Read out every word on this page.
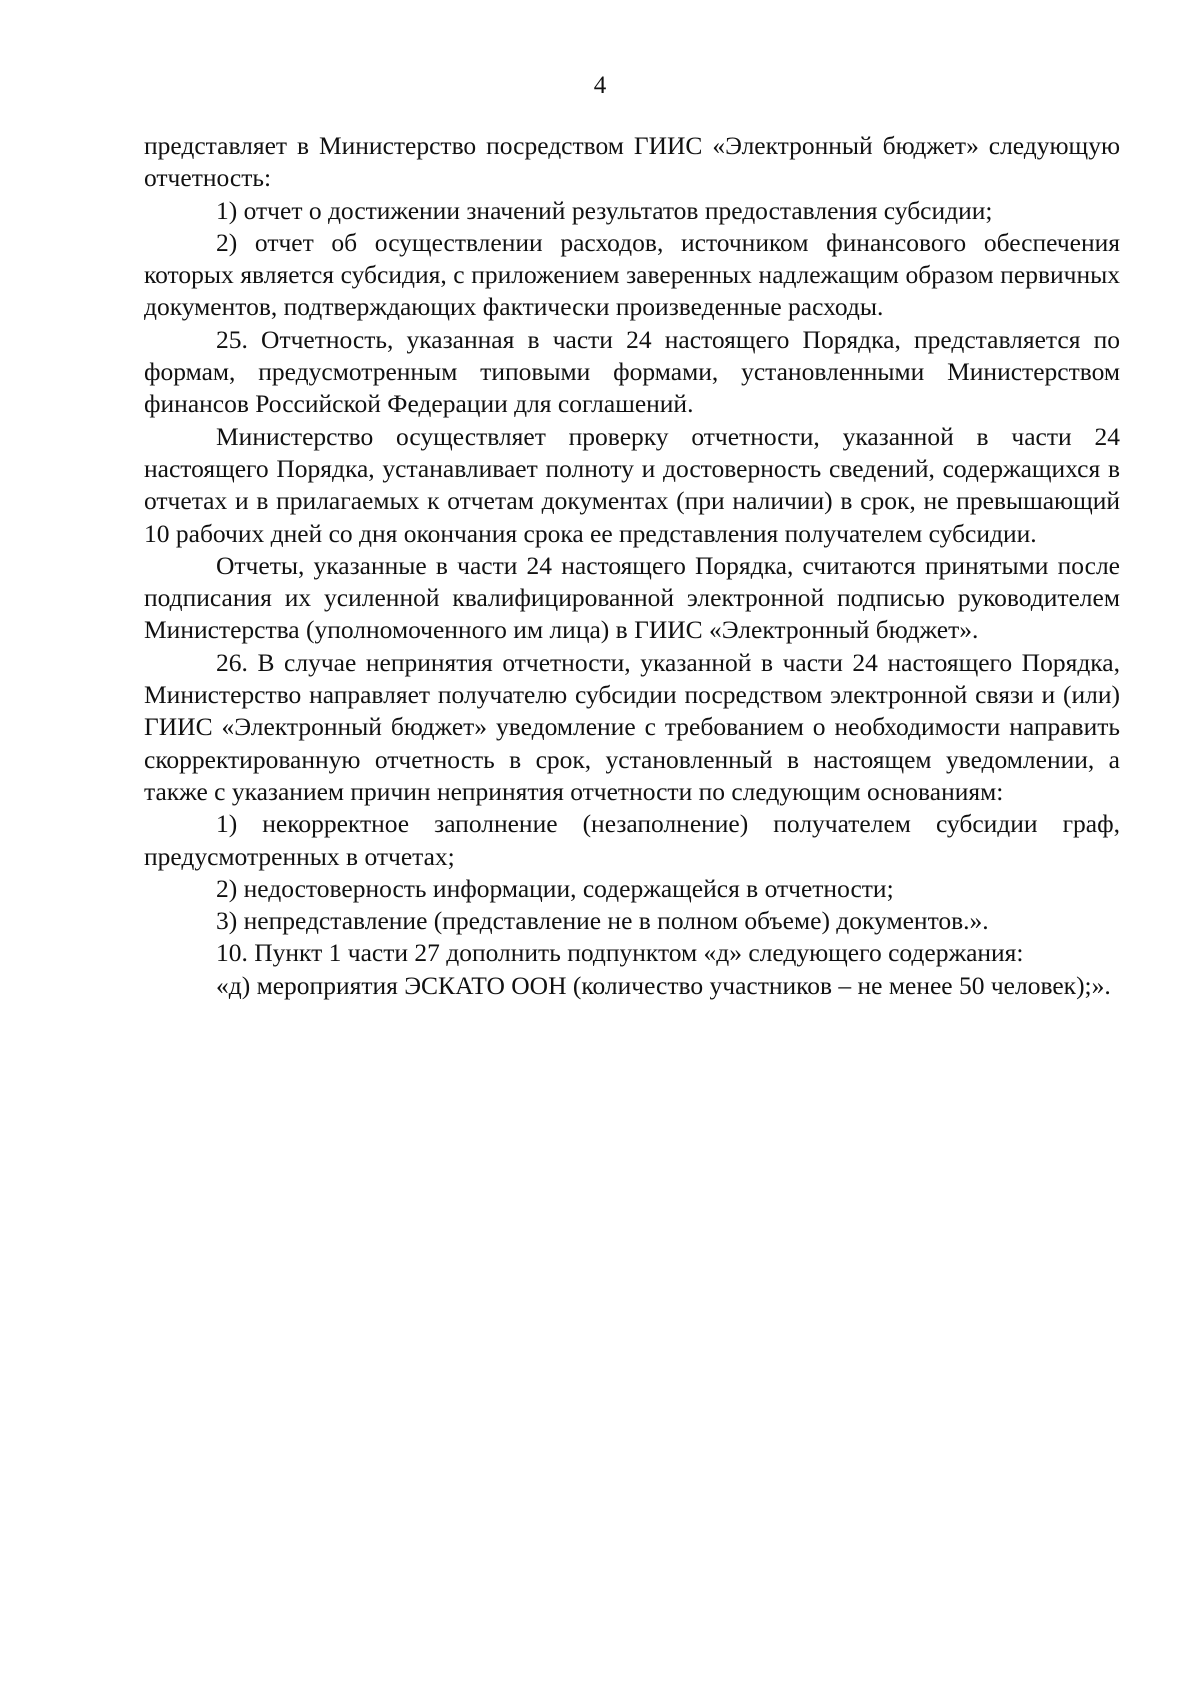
4

представляет в Министерство посредством ГИИС «Электронный бюджет» следующую отчетность:

1) отчет о достижении значений результатов предоставления субсидии;

2) отчет об осуществлении расходов, источником финансового обеспечения которых является субсидия, с приложением заверенных надлежащим образом первичных документов, подтверждающих фактически произведенные расходы.

25. Отчетность, указанная в части 24 настоящего Порядка, представляется по формам, предусмотренным типовыми формами, установленными Министерством финансов Российской Федерации для соглашений.

Министерство осуществляет проверку отчетности, указанной в части 24 настоящего Порядка, устанавливает полноту и достоверность сведений, содержащихся в отчетах и в прилагаемых к отчетам документах (при наличии) в срок, не превышающий 10 рабочих дней со дня окончания срока ее представления получателем субсидии.

Отчеты, указанные в части 24 настоящего Порядка, считаются принятыми после подписания их усиленной квалифицированной электронной подписью руководителем Министерства (уполномоченного им лица) в ГИИС «Электронный бюджет».

26. В случае непринятия отчетности, указанной в части 24 настоящего Порядка, Министерство направляет получателю субсидии посредством электронной связи и (или) ГИИС «Электронный бюджет» уведомление с требованием о необходимости направить скорректированную отчетность в срок, установленный в настоящем уведомлении, а также с указанием причин непринятия отчетности по следующим основаниям:

1) некорректное заполнение (незаполнение) получателем субсидии граф, предусмотренных в отчетах;

2) недостоверность информации, содержащейся в отчетности;

3) непредставление (представление не в полном объеме) документов.».

10. Пункт 1 части 27 дополнить подпунктом «д» следующего содержания:

«д) мероприятия ЭСКАТО ООН (количество участников – не менее 50 человек);».
